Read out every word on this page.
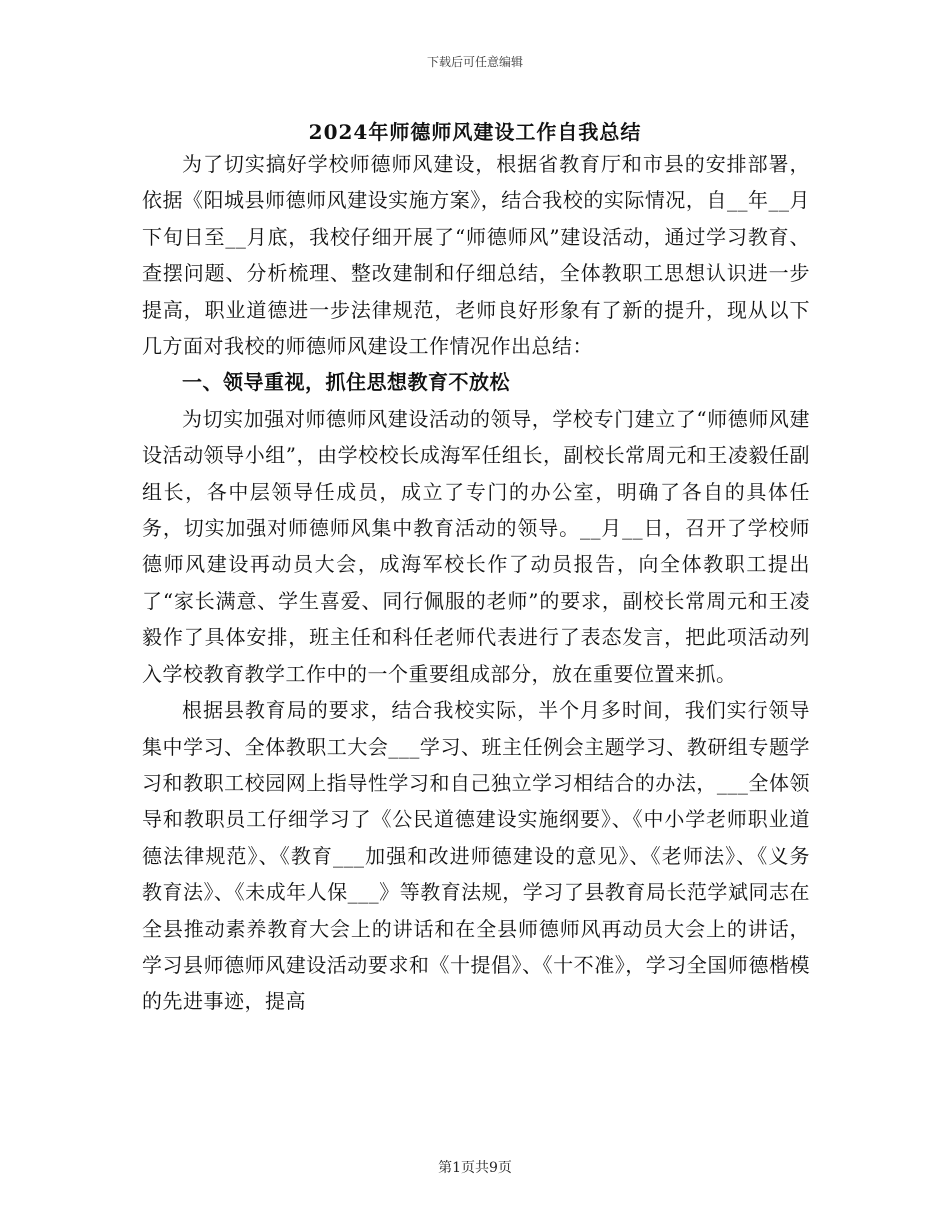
下载后可任意编辑
2024年师德师风建设工作自我总结

为了切实搞好学校师德师风建设，根据省教育厅和市县的安排部署，依据《阳城县师德师风建设实施方案》，结合我校的实际情况，自__年__月下旬日至__月底，我校仔细开展了“师德师风”建设活动，通过学习教育、查摆问题、分析梳理、整改建制和仔细总结，全体教职工思想认识进一步提高，职业道德进一步法律规范，老师良好形象有了新的提升，现从以下几方面对我校的师德师风建设工作情况作出总结：

一、领导重视，抓住思想教育不放松

为切实加强对师德师风建设活动的领导，学校专门建立了“师德师风建设活动领导小组”，由学校校长成海军任组长，副校长常周元和王凌毅任副组长，各中层领导任成员，成立了专门的办公室，明确了各自的具体任务，切实加强对师德师风集中教育活动的领导。__月__日，召开了学校师德师风建设再动员大会，成海军校长作了动员报告，向全体教职工提出了“家长满意、学生喜爱、同行佩服的老师”的要求，副校长常周元和王凌毅作了具体安排，班主任和科任老师代表进行了表态发言，把此项活动列入学校教育教学工作中的一个重要组成部分，放在重要位置来抓。

根据县教育局的要求，结合我校实际，半个月多时间，我们实行领导集中学习、全体教职工大会___学习、班主任例会主题学习、教研组专题学习和教职工校园网上指导性学习和自己独立学习相结合的办法，___全体领导和教职员工仔细学习了《公民道德建设实施纲要》、《中小学老师职业道德法律规范》、《教育___加强和改进师德建设的意见》、《老师法》、《义务教育法》、《未成年人保___》等教育法规，学习了县教育局长范学斌同志在全县推动素养教育大会上的讲话和在全县师德师风再动员大会上的讲话，学习县师德师风建设活动要求和《十提倡》、《十不准》，学习全国师德楷模的先进事迹，提高

第1页共9页
